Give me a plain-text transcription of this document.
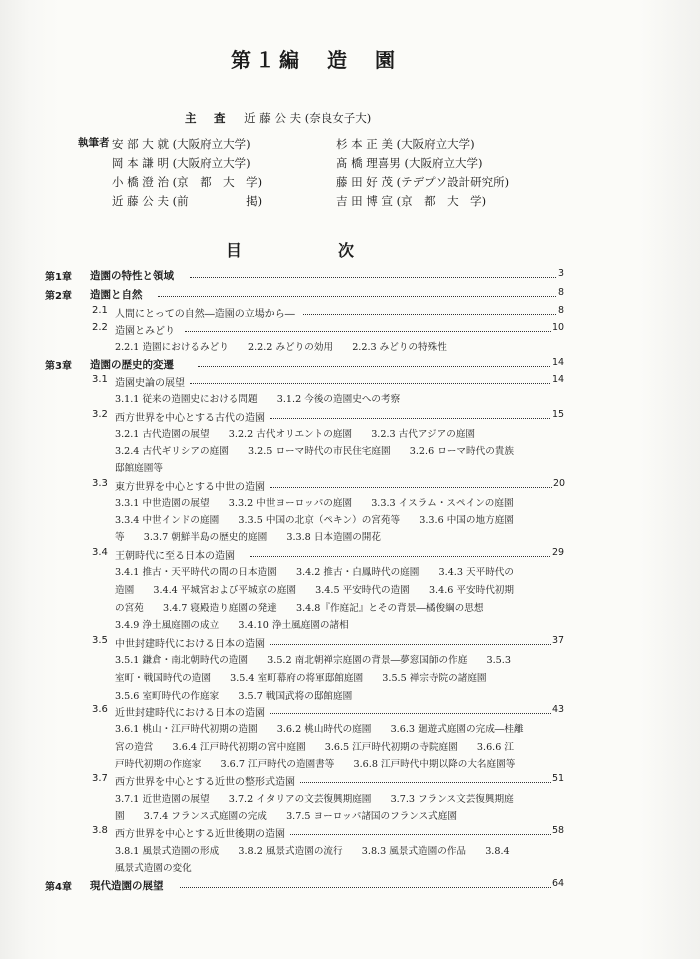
第１編　造　園
主　査 近 藤 公 夫 (奈良女子大)
執筆者 安 部 大 就 (大阪府立大学)	杉 本 正 美 (大阪府立大学)
岡 本 謙 明 (大阪府立大学)	髙 橋 理喜男 (大阪府立大学)
小 橋 澄 治 (京　都　大　学)	藤 田 好 茂 (テデプソ設計研究所)
近 藤 公 夫 (前　　　　　掲)	吉 田 博 宣 (京　都　大　学)
目　次
第1章 造園の特性と領域	3
第2章 造園と自然	8
2.1 人間にとっての自然―造園の立場から―	8
2.2 造園とみどり	10
2.2.1 造園におけるみどり　　2.2.2 みどりの効用　　2.2.3 みどりの特殊性
第3章 造園の歴史的変遷	14
3.1 造園史論の展望	14
3.1.1 従来の造園史における問題　　3.1.2 今後の造園史への考察
3.2 西方世界を中心とする古代の造園	15
3.2.1 古代造園の展望　　3.2.2 古代オリエントの庭園　　3.2.3 古代アジアの庭園
3.2.4 古代ギリシアの庭園　　3.2.5 ローマ時代の市民住宅庭園　　3.2.6 ローマ時代の貴族
邸館庭園等
3.3 東方世界を中心とする中世の造園	20
3.3.1 中世造園の展望　　3.3.2 中世ヨーロッパの庭園　　3.3.3 イスラム・スペインの庭園
3.3.4 中世インドの庭園　　3.3.5 中国の北京（ペキン）の宮苑等　　3.3.6 中国の地方庭園
等　　3.3.7 朝鮮半島の歴史的庭園　　3.3.8 日本造園の開花
3.4 王朝時代に至る日本の造園	29
3.4.1 推古・天平時代の間の日本造園　　3.4.2 推古・白鳳時代の庭園　　3.4.3 天平時代の
造園　　3.4.4 平城宮および平城京の庭園　　3.4.5 平安時代の造園　　3.4.6 平安時代初期
の宮苑　　3.4.7 寝殿造り庭園の発達　　3.4.8『作庭記』とその背景―橘俊綱の思想
3.4.9 浄土風庭園の成立　　3.4.10 浄土風庭園の諸相
3.5 中世封建時代における日本の造園	37
3.5.1 鎌倉・南北朝時代の造園　　3.5.2 南北朝禅宗庭園の背景―夢窓国師の作庭　　3.5.3
室町・戦国時代の造園　　3.5.4 室町幕府の将軍邸館庭園　　3.5.5 禅宗寺院の諸庭園
3.5.6 室町時代の作庭家　　3.5.7 戦国武将の邸館庭園
3.6 近世封建時代における日本の造園	43
3.6.1 桃山・江戸時代初期の造園　　3.6.2 桃山時代の庭園　　3.6.3 廻遊式庭園の完成―桂離
宮の造営　　3.6.4 江戸時代初期の宮中庭園　　3.6.5 江戸時代初期の寺院庭園　　3.6.6 江
戸時代初期の作庭家　　3.6.7 江戸時代の造園書等　　3.6.8 江戸時代中期以降の大名庭園等
3.7 西方世界を中心とする近世の整形式造園	51
3.7.1 近世造園の展望　　3.7.2 イタリアの文芸復興期庭園　　3.7.3 フランス文芸復興期庭
園　　3.7.4 フランス式庭園の完成　　3.7.5 ヨーロッパ諸国のフランス式庭園
3.8 西方世界を中心とする近世後期の造園	58
3.8.1 風景式造園の形成　　3.8.2 風景式造園の流行　　3.8.3 風景式造園の作品　　3.8.4
風景式造園の変化
第4章 現代造園の展望	64
